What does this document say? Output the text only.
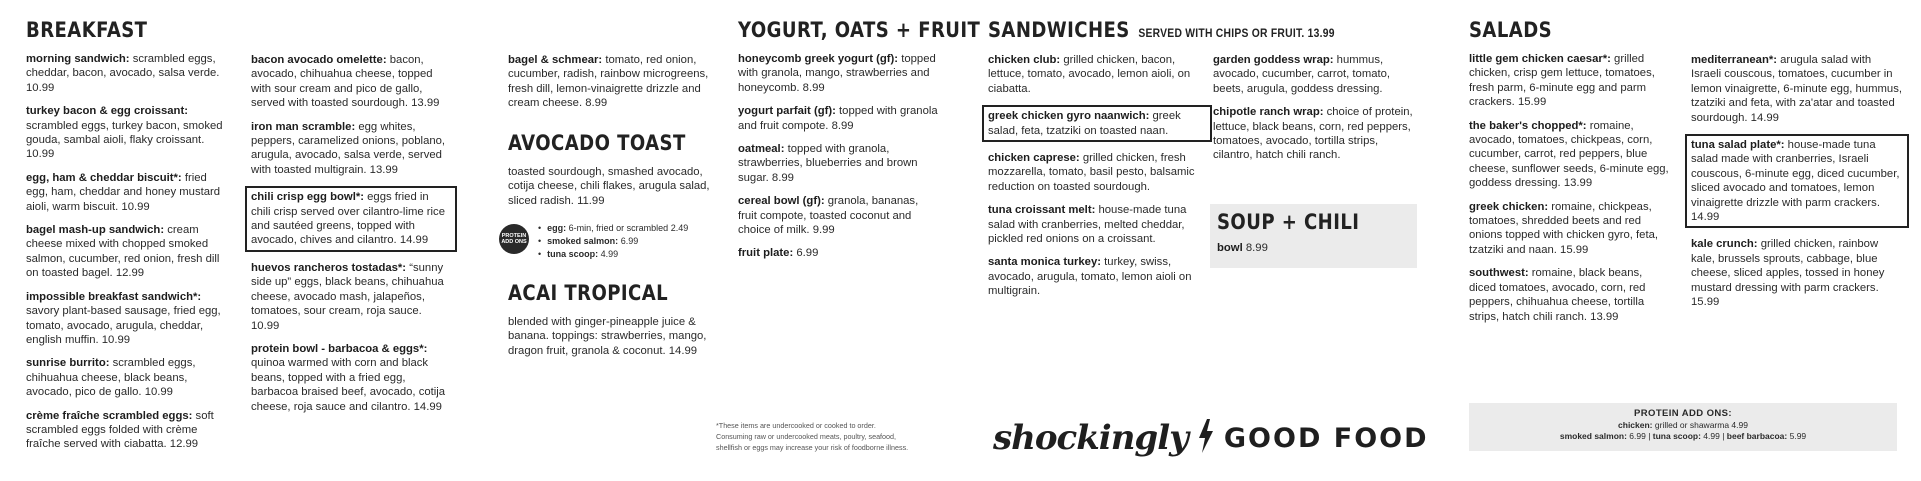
BREAKFAST
morning sandwich: scrambled eggs, cheddar, bacon, avocado, salsa verde. 10.99
turkey bacon & egg croissant: scrambled eggs, turkey bacon, smoked gouda, sambal aioli, flaky croissant. 10.99
egg, ham & cheddar biscuit*: fried egg, ham, cheddar and honey mustard aioli, warm biscuit. 10.99
bagel mash-up sandwich: cream cheese mixed with chopped smoked salmon, cucumber, red onion, fresh dill on toasted bagel. 12.99
impossible breakfast sandwich*: savory plant-based sausage, fried egg, tomato, avocado, arugula, cheddar, english muffin. 10.99
sunrise burrito: scrambled eggs, chihuahua cheese, black beans, avocado, pico de gallo. 10.99
crème fraîche scrambled eggs: soft scrambled eggs folded with crème fraîche served with ciabatta. 12.99
bacon avocado omelette: bacon, avocado, chihuahua cheese, topped with sour cream and pico de gallo, served with toasted sourdough. 13.99
iron man scramble: egg whites, peppers, caramelized onions, poblano, arugula, avocado, salsa verde, served with toasted multigrain. 13.99
chili crisp egg bowl*: eggs fried in chili crisp served over cilantro-lime rice and sautéed greens, topped with avocado, chives and cilantro. 14.99
huevos rancheros tostadas*: “sunny side up” eggs, black beans, chihuahua cheese, avocado mash, jalapeños, tomatoes, sour cream, roja sauce. 10.99
protein bowl - barbacoa & eggs*: quinoa warmed with corn and black beans, topped with a fried egg, barbacoa braised beef, avocado, cotija cheese, roja sauce and cilantro. 14.99
bagel & schmear: tomato, red onion, cucumber, radish, rainbow microgreens, fresh dill, lemon-vinaigrette drizzle and cream cheese. 8.99
AVOCADO TOAST
toasted sourdough, smashed avocado, cotija cheese, chili flakes, arugula salad, sliced radish. 11.99
PROTEIN ADD ONS
• egg: 6-min, fried or scrambled 2.49
• smoked salmon: 6.99
• tuna scoop: 4.99
ACAI TROPICAL
blended with ginger-pineapple juice & banana. toppings: strawberries, mango, dragon fruit, granola & coconut. 14.99
YOGURT, OATS + FRUIT
honeycomb greek yogurt (gf): topped with granola, mango, strawberries and honeycomb. 8.99
yogurt parfait (gf): topped with granola and fruit compote. 8.99
oatmeal: topped with granola, strawberries, blueberries and brown sugar. 8.99
cereal bowl (gf): granola, bananas, fruit compote, toasted coconut and choice of milk. 9.99
fruit plate: 6.99
*These items are undercooked or cooked to order.
Consuming raw or undercooked meats, poultry, seafood,
shellfish or eggs may increase your risk of foodborne illness.
SANDWICHES SERVED WITH CHIPS OR FRUIT. 13.99
chicken club: grilled chicken, bacon, lettuce, tomato, avocado, lemon aioli, on ciabatta.
greek chicken gyro naanwich: greek salad, feta, tzatziki on toasted naan.
chicken caprese: grilled chicken, fresh mozzarella, tomato, basil pesto, balsamic reduction on toasted sourdough.
tuna croissant melt: house-made tuna salad with cranberries, melted cheddar, pickled red onions on a croissant.
santa monica turkey: turkey, swiss, avocado, arugula, tomato, lemon aioli on multigrain.
garden goddess wrap: hummus, avocado, cucumber, carrot, tomato, beets, arugula, goddess dressing.
chipotle ranch wrap: choice of protein, lettuce, black beans, corn, red peppers, tomatoes, avocado, tortilla strips, cilantro, hatch chili ranch.
SOUP + CHILI
bowl 8.99
shockingly GOOD FOOD
SALADS
little gem chicken caesar*: grilled chicken, crisp gem lettuce, tomatoes, fresh parm, 6-minute egg and parm crackers. 15.99
the baker's chopped*: romaine, avocado, tomatoes, chickpeas, corn, cucumber, carrot, red peppers, blue cheese, sunflower seeds, 6-minute egg, goddess dressing. 13.99
greek chicken: romaine, chickpeas, tomatoes, shredded beets and red onions topped with chicken gyro, feta, tzatziki and naan. 15.99
southwest: romaine, black beans, diced tomatoes, avocado, corn, red peppers, chihuahua cheese, tortilla strips, hatch chili ranch. 13.99
mediterranean*: arugula salad with Israeli couscous, tomatoes, cucumber in lemon vinaigrette, 6-minute egg, hummus, tzatziki and feta, with za'atar and toasted sourdough. 14.99
tuna salad plate*: house-made tuna salad made with cranberries, Israeli couscous, 6-minute egg, diced cucumber, sliced avocado and tomatoes, lemon vinaigrette drizzle with parm crackers. 14.99
kale crunch: grilled chicken, rainbow kale, brussels sprouts, cabbage, blue cheese, sliced apples, tossed in honey mustard dressing with parm crackers. 15.99
PROTEIN ADD ONS:
chicken: grilled or shawarma 4.99
smoked salmon: 6.99 | tuna scoop: 4.99 | beef barbacoa: 5.99
